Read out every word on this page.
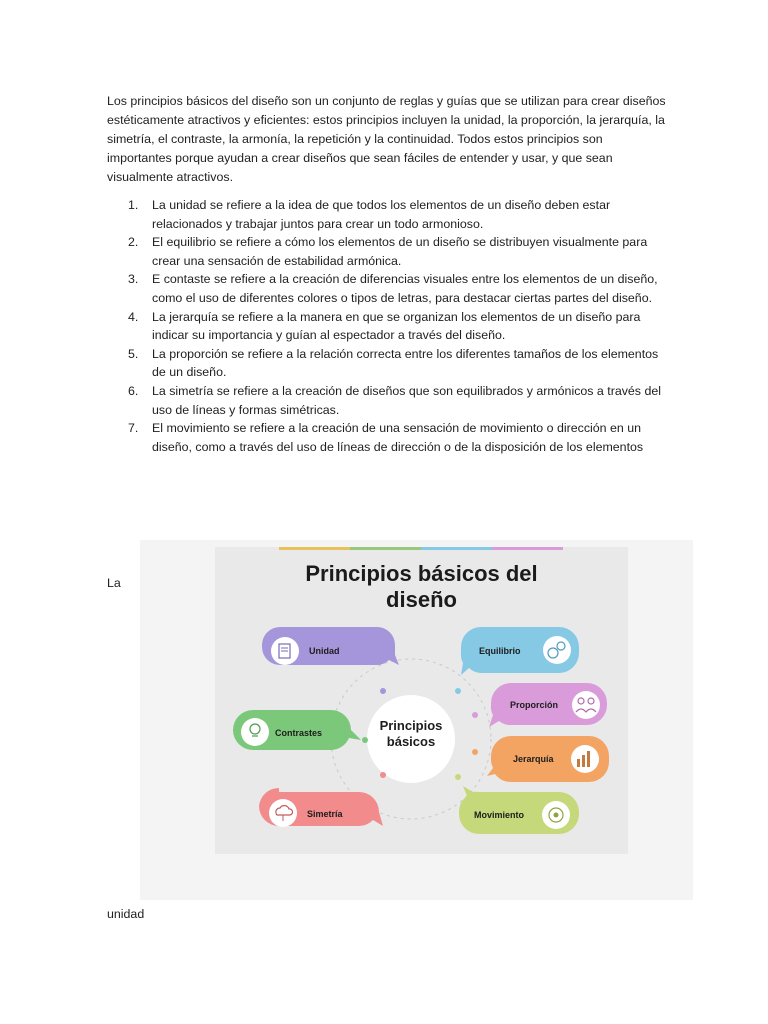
Los principios básicos del diseño son un conjunto de reglas y guías que se utilizan para crear diseños estéticamente atractivos y eficientes: estos principios incluyen la unidad, la proporción, la jerarquía, la simetría, el contraste, la armonía, la repetición y la continuidad. Todos estos principios son importantes porque ayudan a crear diseños que sean fáciles de entender y usar, y que sean visualmente atractivos.

1. La unidad se refiere a la idea de que todos los elementos de un diseño deben estar relacionados y trabajar juntos para crear un todo armonioso.
2. El equilibrio se refiere a cómo los elementos de un diseño se distribuyen visualmente para crear una sensación de estabilidad armónica.
3. E contaste se refiere a la creación de diferencias visuales entre los elementos de un diseño, como el uso de diferentes colores o tipos de letras, para destacar ciertas partes del diseño.
4. La jerarquía se refiere a la manera en que se organizan los elementos de un diseño para indicar su importancia y guían al espectador a través del diseño.
5. La proporción se refiere a la relación correcta entre los diferentes tamaños de los elementos de un diseño.
6. La simetría se refiere a la creación de diseños que son equilibrados y armónicos a través del uso de líneas y formas simétricas.
7. El movimiento se refiere a la creación de una sensación de movimiento o dirección en un diseño, como a través del uso de líneas de dirección o de la disposición de los elementos
La
Principios
básicos
Unidad	Equilibrio
Proporción
Contrastes
Jerarquía
Simetría	Movimiento
Principios básicos del
diseño
unidad
